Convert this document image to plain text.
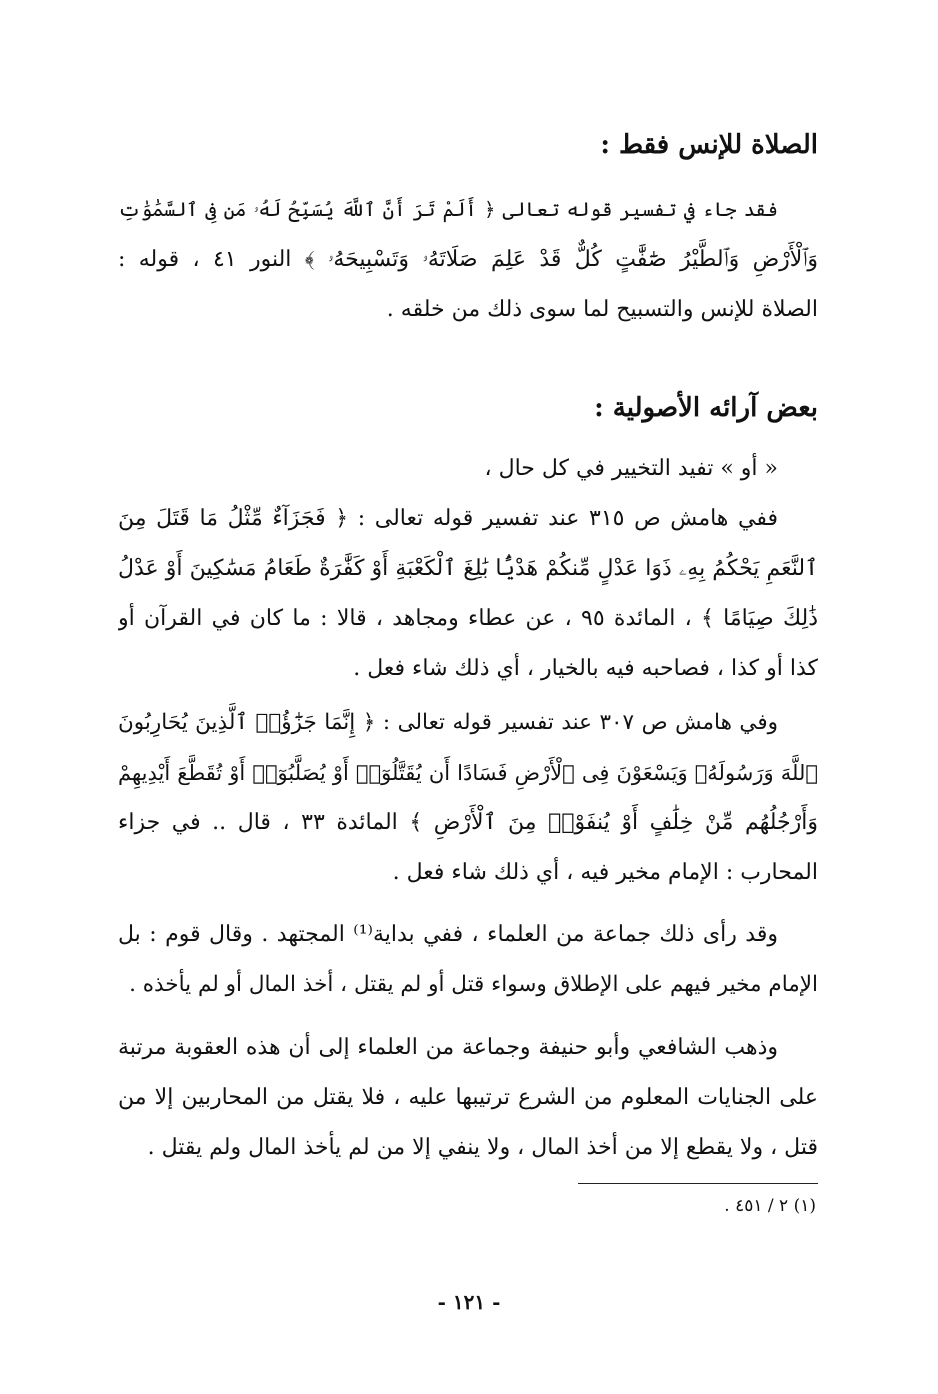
الصلاة للإنس فقط :
فقد جاء في تفسير قوله تعالى ﴿ أَلَمْ تَرَ أَنَّ ٱللَّهَ يُسَبِّحُ لَهُۥ مَن فِى ٱلسَّمَٰوَٰتِ
وَٱلْأَرْضِ وَٱلطَّيْرُ صَٰٓفَّٰتٍ كُلٌّ قَدْ عَلِمَ صَلَاتَهُۥ وَتَسْبِيحَهُۥ ﴾ النور ٤١ ، قوله :
الصلاة للإنس والتسبيح لما سوى ذلك من خلقه .
بعض آرائه الأصولية :
« أو » تفيد التخيير في كل حال ،
ففي هامش ص ٣١٥ عند تفسير قوله تعالى : ﴿ فَجَزَآءٌ مِّثْلُ مَا قَتَلَ مِنَ
ٱلنَّعَمِ يَحْكُمُ بِهِۦ ذَوَا عَدْلٍ مِّنكُمْ هَدْيًۢا بَٰلِغَ ٱلْكَعْبَةِ أَوْ كَفَّٰرَةٌ طَعَامُ مَسَٰكِينَ أَوْ عَدْلُ
ذَٰلِكَ صِيَامًا ﴾ ، المائدة ٩٥ ، عن عطاء ومجاهد ، قالا : ما كان في القرآن أو
كذا أو كذا ، فصاحبه فيه بالخيار ، أي ذلك شاء فعل .
وفي هامش ص ٣٠٧ عند تفسير قوله تعالى : ﴿ إِنَّمَا جَزَٰٓؤُا۟ ٱلَّذِينَ يُحَارِبُونَ
ٱللَّهَ وَرَسُولَهُۥ وَيَسْعَوْنَ فِى ٱلْأَرْضِ فَسَادًا أَن يُقَتَّلُوٓا۟ أَوْ يُصَلَّبُوٓا۟ أَوْ تُقَطَّعَ أَيْدِيهِمْ
وَأَرْجُلُهُم مِّنْ خِلَٰفٍ أَوْ يُنفَوْا۟ مِنَ ٱلْأَرْضِ ﴾ المائدة ٣٣ ، قال .. في جزاء
المحارب : الإمام مخير فيه ، أي ذلك شاء فعل .
وقد رأى ذلك جماعة من العلماء ، ففي بداية⁽¹⁾ المجتهد . وقال قوم : بل
الإمام مخير فيهم على الإطلاق وسواء قتل أو لم يقتل ، أخذ المال أو لم يأخذه .
وذهب الشافعي وأبو حنيفة وجماعة من العلماء إلى أن هذه العقوبة مرتبة
على الجنايات المعلوم من الشرع ترتيبها عليه ، فلا يقتل من المحاربين إلا من
قتل ، ولا يقطع إلا من أخذ المال ، ولا ينفي إلا من لم يأخذ المال ولم يقتل .
(١) ٢ / ٤٥١ .
- ١٢١ -
